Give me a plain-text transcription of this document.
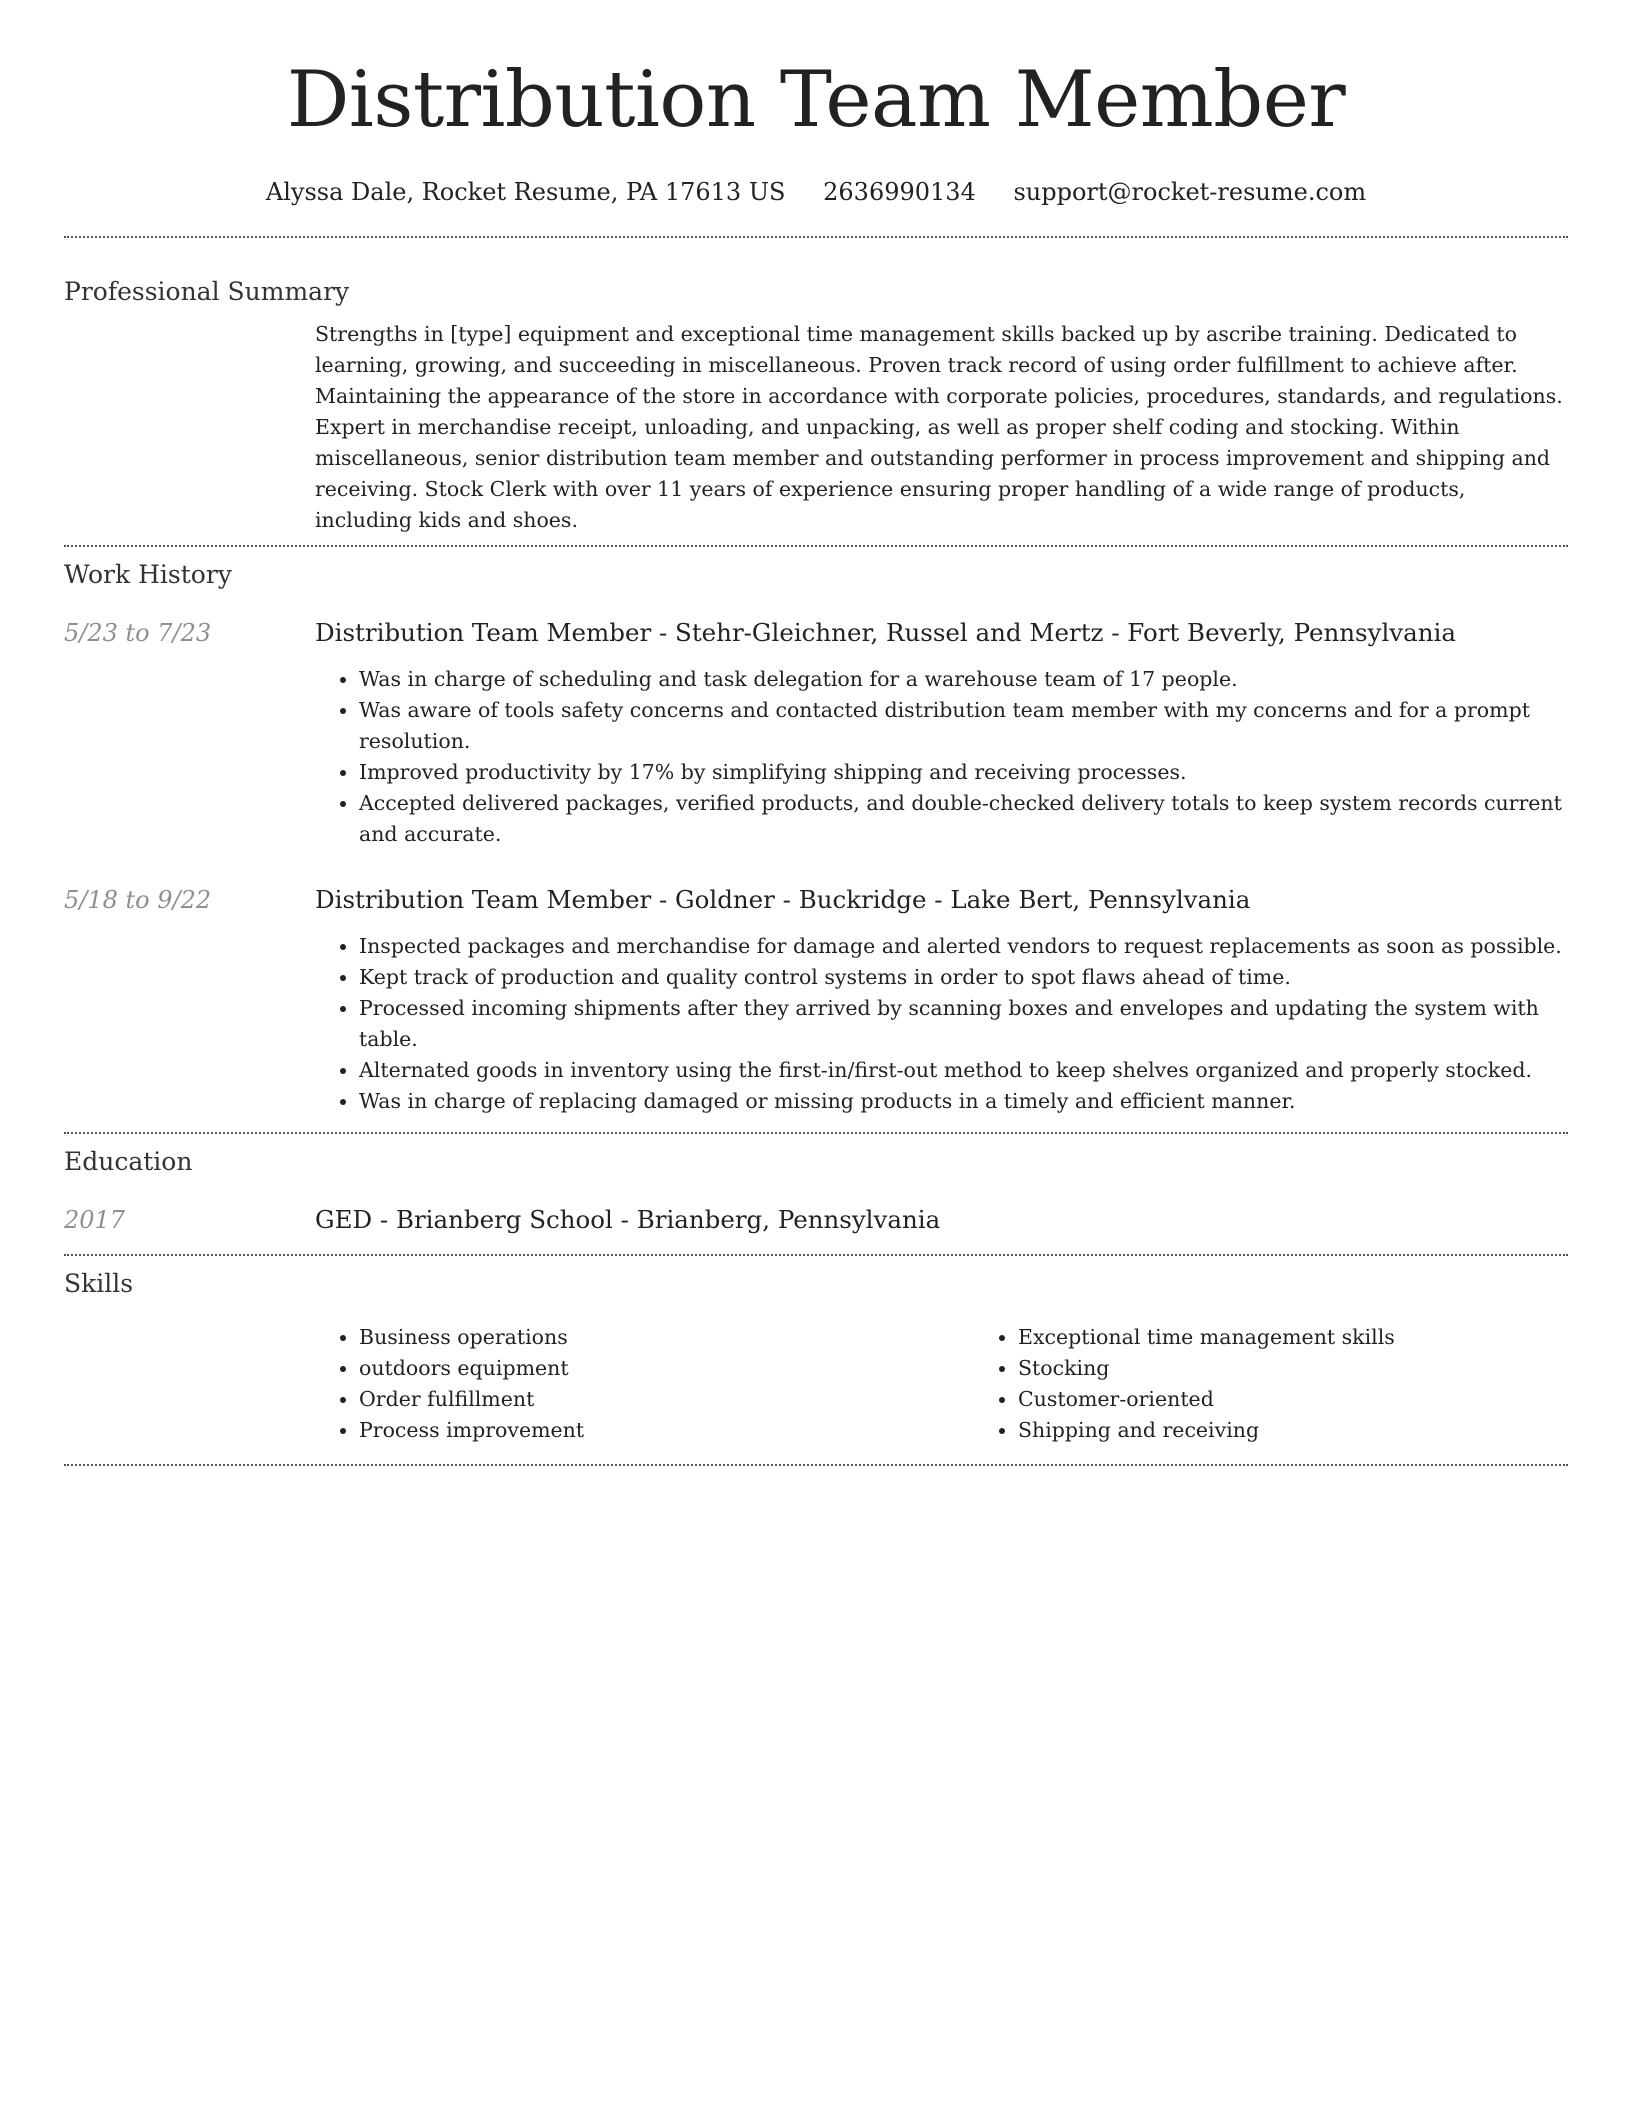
Distribution Team Member
Alyssa Dale, Rocket Resume, PA 17613 US 2636990134 support@rocket-resume.com
Professional Summary

Strengths in [type] equipment and exceptional time management skills backed up by ascribe training. Dedicated to learning, growing, and succeeding in miscellaneous. Proven track record of using order fulfillment to achieve after. Maintaining the appearance of the store in accordance with corporate policies, procedures, standards, and regulations. Expert in merchandise receipt, unloading, and unpacking, as well as proper shelf coding and stocking. Within miscellaneous, senior distribution team member and outstanding performer in process improvement and shipping and receiving. Stock Clerk with over 11 years of experience ensuring proper handling of a wide range of products, including kids and shoes.

Work History
5/23 to 7/23	Distribution Team Member - Stehr-Gleichner, Russel and Mertz - Fort Beverly, Pennsylvania
• Was in charge of scheduling and task delegation for a warehouse team of 17 people.
• Was aware of tools safety concerns and contacted distribution team member with my concerns and for a prompt resolution.
• Improved productivity by 17% by simplifying shipping and receiving processes.
• Accepted delivered packages, verified products, and double-checked delivery totals to keep system records current and accurate.
5/18 to 9/22	Distribution Team Member - Goldner - Buckridge - Lake Bert, Pennsylvania
• Inspected packages and merchandise for damage and alerted vendors to request replacements as soon as possible.
• Kept track of production and quality control systems in order to spot flaws ahead of time.
• Processed incoming shipments after they arrived by scanning boxes and envelopes and updating the system with table.
• Alternated goods in inventory using the first-in/first-out method to keep shelves organized and properly stocked.
• Was in charge of replacing damaged or missing products in a timely and efficient manner.
Education
2017	GED - Brianberg School - Brianberg, Pennsylvania
Skills
• Business operations
• outdoors equipment
• Order fulfillment
• Process improvement
• Exceptional time management skills
• Stocking
• Customer-oriented
• Shipping and receiving
